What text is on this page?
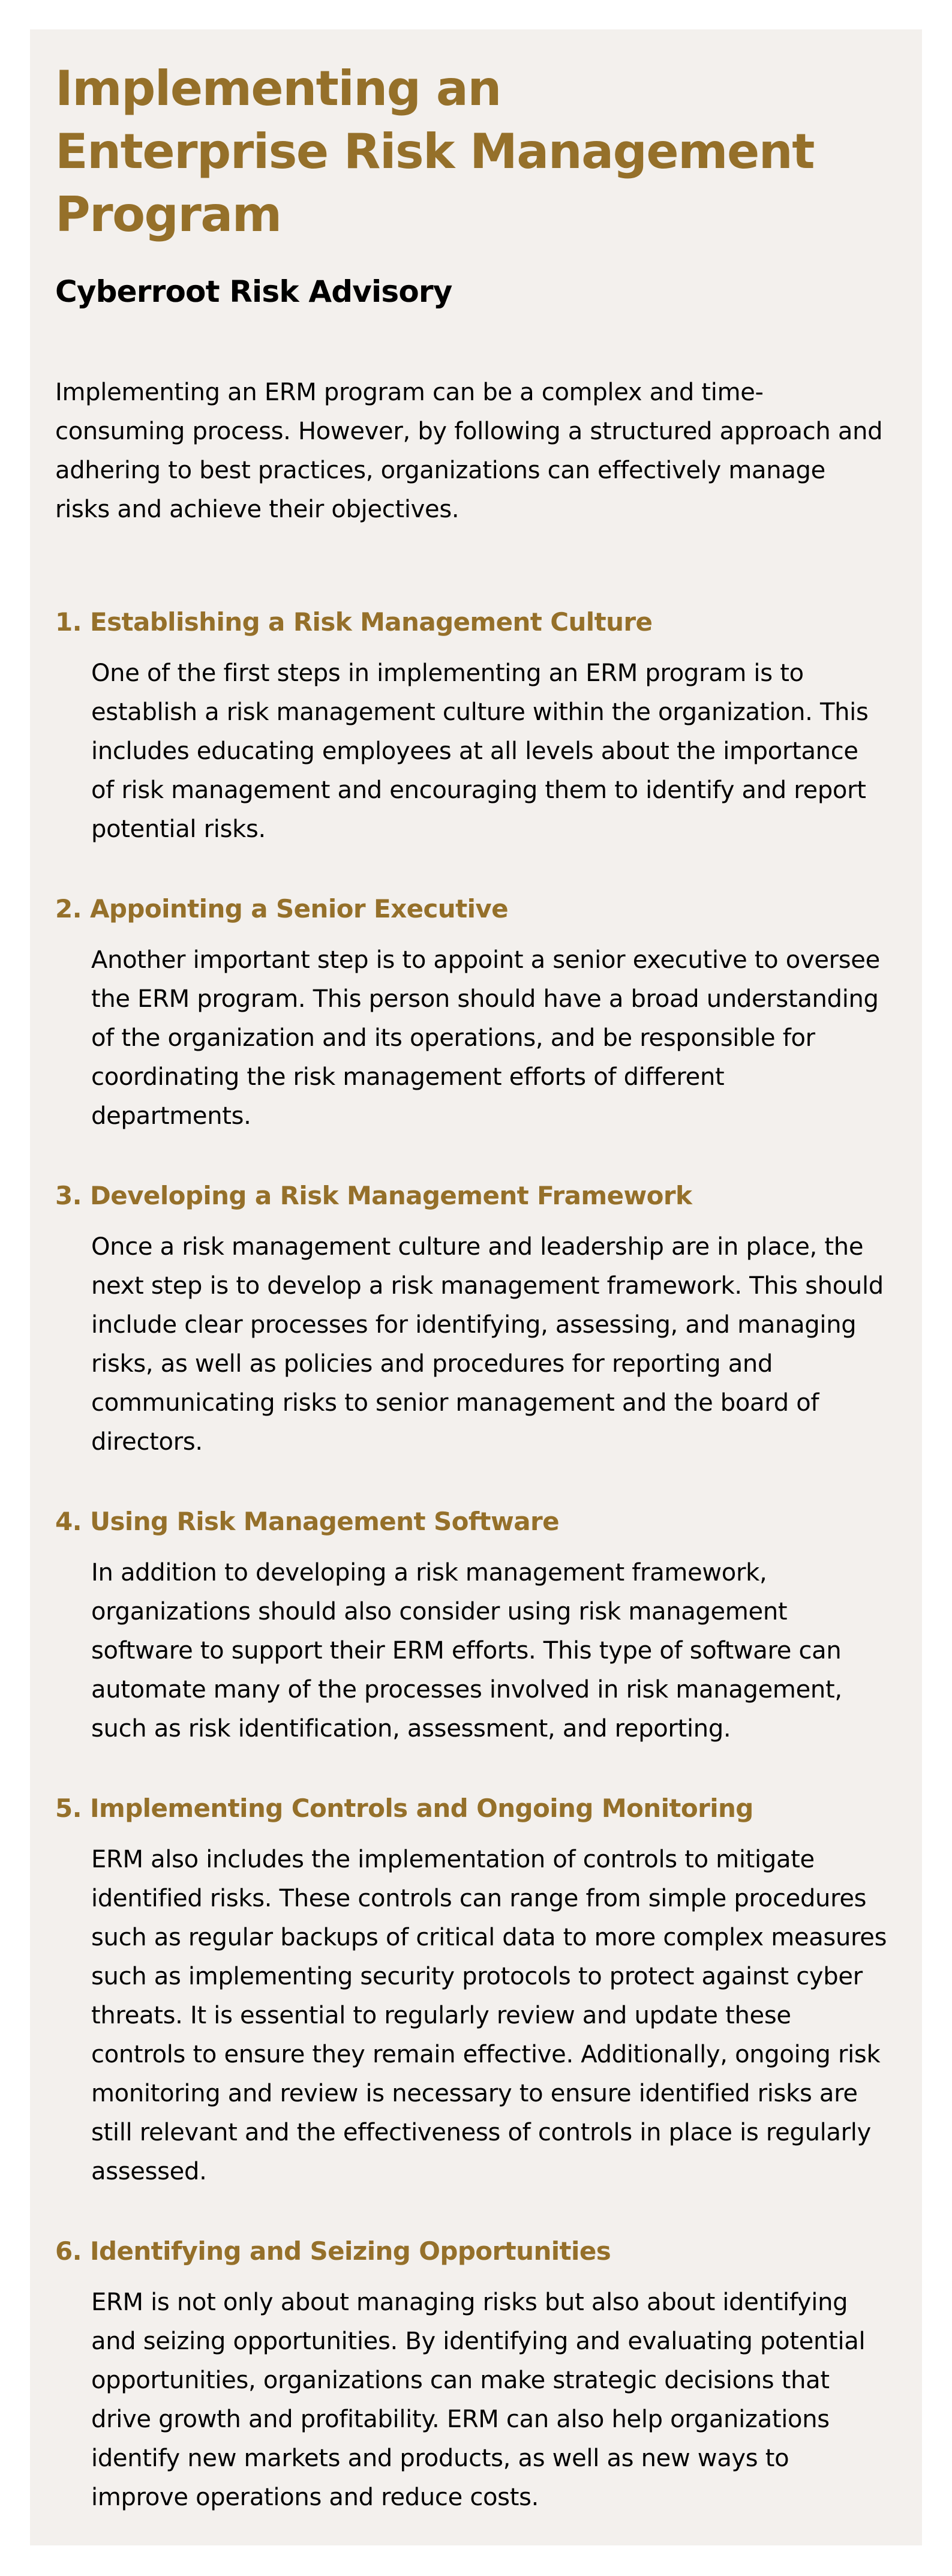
Implementing an
Enterprise Risk Management Program
Cyberroot Risk Advisory

Implementing an ERM program can be a complex and time-consuming process. However, by following a structured approach and adhering to best practices, organizations can effectively manage risks and achieve their objectives.

1. Establishing a Risk Management Culture

One of the first steps in implementing an ERM program is to establish a risk management culture within the organization. This includes educating employees at all levels about the importance of risk management and encouraging them to identify and report potential risks.

2. Appointing a Senior Executive

Another important step is to appoint a senior executive to oversee the ERM program. This person should have a broad understanding of the organization and its operations, and be responsible for coordinating the risk management efforts of different departments.

3. Developing a Risk Management Framework

Once a risk management culture and leadership are in place, the next step is to develop a risk management framework. This should include clear processes for identifying, assessing, and managing risks, as well as policies and procedures for reporting and communicating risks to senior management and the board of directors.

4. Using Risk Management Software

In addition to developing a risk management framework, organizations should also consider using risk management software to support their ERM efforts. This type of software can automate many of the processes involved in risk management, such as risk identification, assessment, and reporting.

5. Implementing Controls and Ongoing Monitoring

ERM also includes the implementation of controls to mitigate identified risks. These controls can range from simple procedures such as regular backups of critical data to more complex measures such as implementing security protocols to protect against cyber threats. It is essential to regularly review and update these controls to ensure they remain effective. Additionally, ongoing risk monitoring and review is necessary to ensure identified risks are still relevant and the effectiveness of controls in place is regularly assessed.

6. Identifying and Seizing Opportunities

ERM is not only about managing risks but also about identifying and seizing opportunities. By identifying and evaluating potential opportunities, organizations can make strategic decisions that drive growth and profitability. ERM can also help organizations identify new markets and products, as well as new ways to improve operations and reduce costs.
